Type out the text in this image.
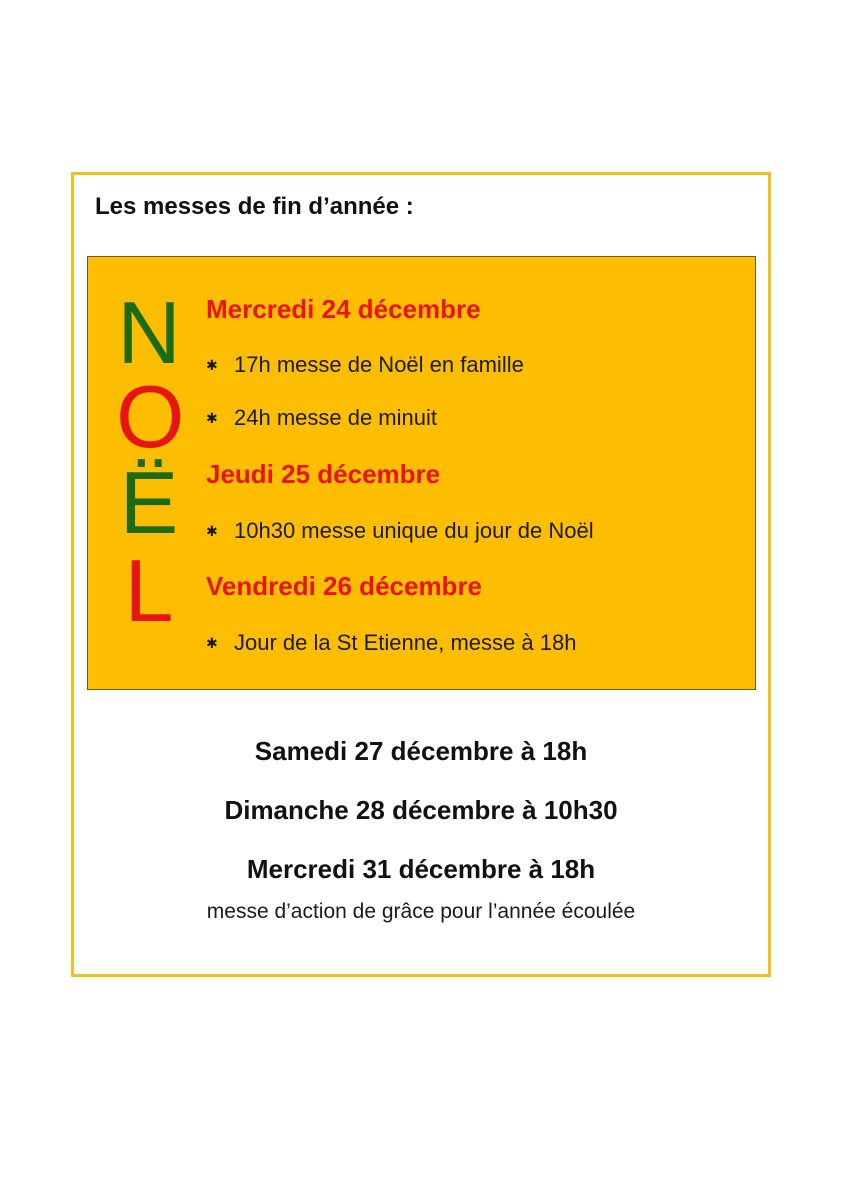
Les messes de fin d’année :
N
O
Ë
L
Mercredi 24 décembre
✱ 17h messe de Noël en famille
✱ 24h messe de minuit
Jeudi 25 décembre
✱ 10h30 messe unique du jour de Noël
Vendredi 26 décembre
✱ Jour de la St Etienne, messe à 18h
Samedi 27 décembre à 18h
Dimanche 28 décembre à 10h30
Mercredi 31 décembre à 18h
messe d’action de grâce pour l’année écoulée
